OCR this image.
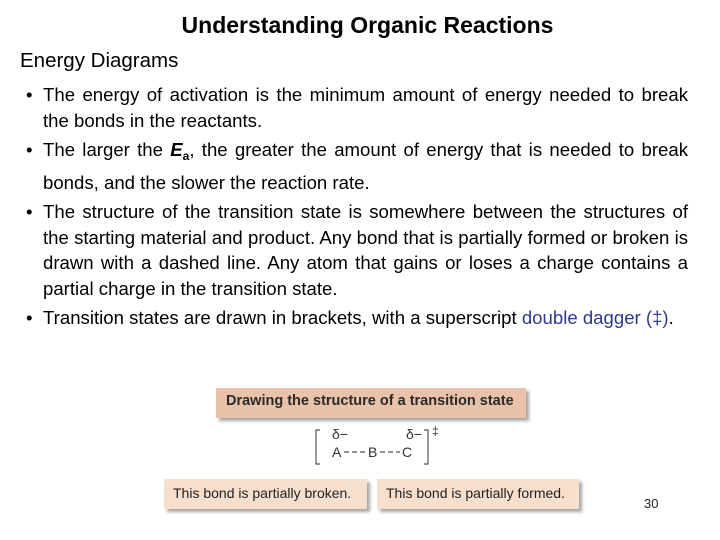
Understanding Organic Reactions
Energy Diagrams
• The energy of activation is the minimum amount of energy needed to break the bonds in the reactants.
• The larger the $E_a$, the greater the amount of energy that is needed to break bonds, and the slower the reaction rate.
• The structure of the transition state is somewhere between the structures of the starting material and product. Any bond that is partially formed or broken is drawn with a dashed line. Any atom that gains or loses a charge contains a partial charge in the transition state.
• Transition states are drawn in brackets, with a superscript double dagger (‡).
Drawing the structure of a transition state
δ−	δ− ‡
A B C
This bond is partially broken. This bond is partially formed.
30
